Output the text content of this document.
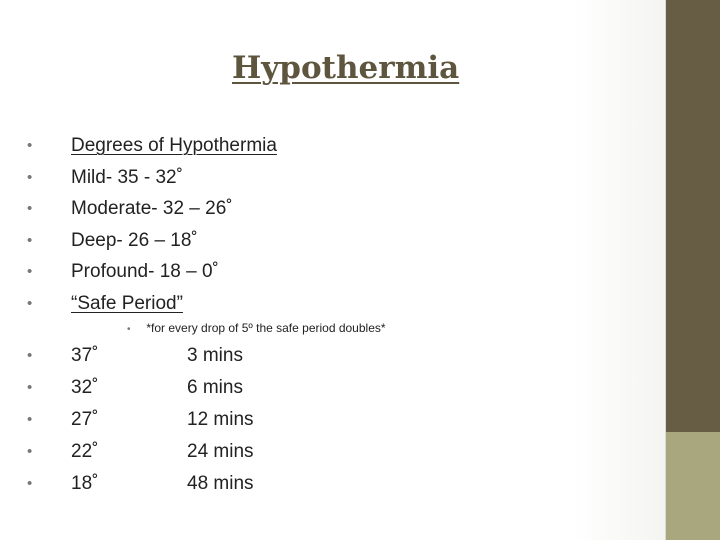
Hypothermia
•	Degrees of Hypothermia
•	Mild- 35 - 32˚
•	Moderate- 32 – 26˚
•	Deep- 26 – 18˚
•	Profound- 18 – 0˚
•	“Safe Period”
• *for every drop of 5º the safe period doubles*
•	37˚	3 mins
•	32˚	6 mins
•	27˚	12 mins
•	22˚	24 mins
•	18˚	48 mins
